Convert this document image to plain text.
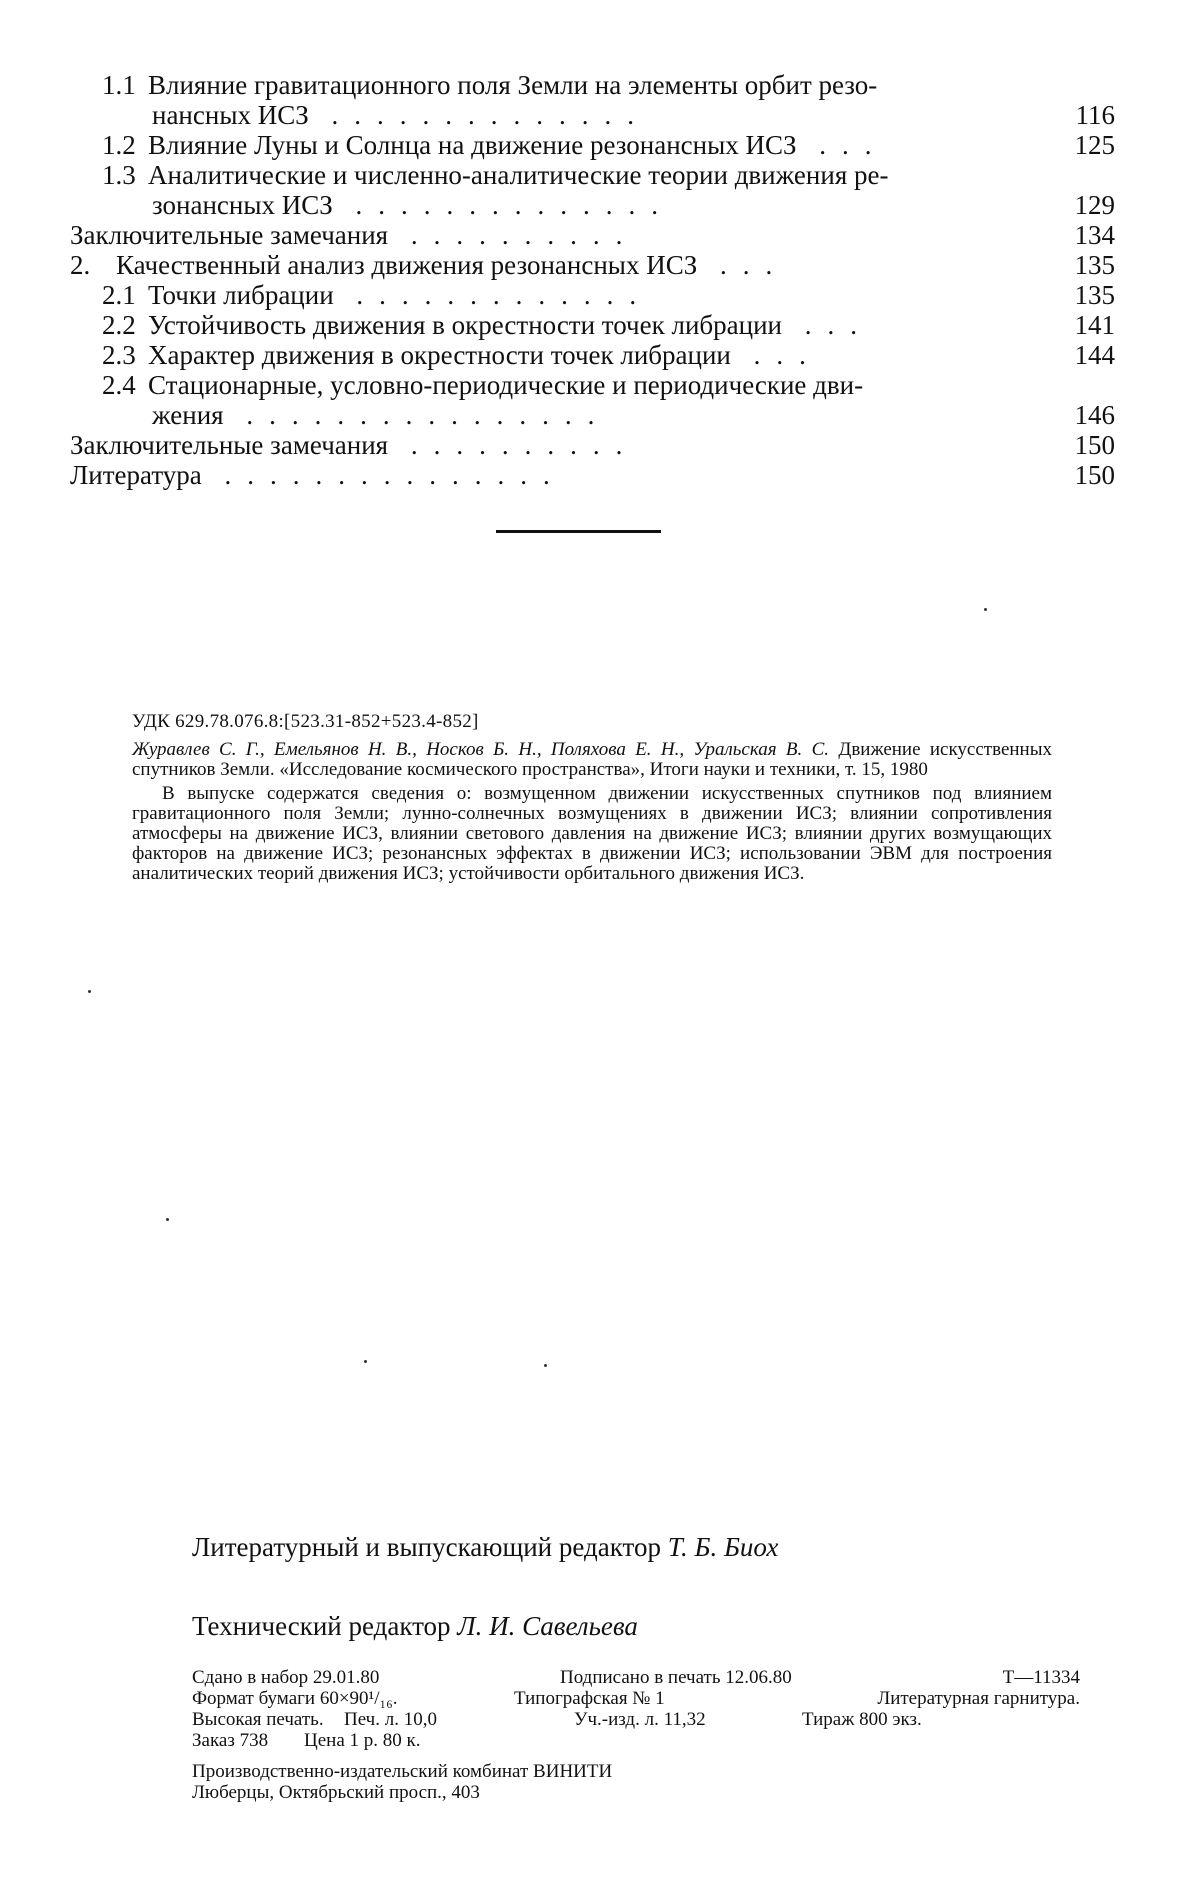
1.1 Влияние гравитационного поля Земли на элементы орбит резо-
нансных ИСЗ ..............	116
1.2 Влияние Луны и Солнца на движение резонансных ИСЗ ...	125
1.3 Аналитические и численно-аналитические теории движения ре-
зонансных ИСЗ ..............	129
Заключительные замечания ..........	134
2. Качественный анализ движения резонансных ИСЗ ...	135
2.1 Точки либрации .............	135
2.2 Устойчивость движения в окрестности точек либрации ...	141
2.3 Характер движения в окрестности точек либрации ...	144
2.4 Стационарные, условно-периодические и периодические дви-
жения ................	146
Заключительные замечания ..........	150
Литература ...............	150

УДК 629.78.076.8:[523.31-852+523.4-852]

Журавлев С. Г., Емельянов Н. В., Носков Б. Н., Поляхова Е. Н., Уральская В. С. Движение искусственных спутников Земли. «Исследование космического пространства», Итоги науки и техники, т. 15, 1980

В выпуске содержатся сведения о: возмущенном движении искусственных спутников под влиянием гравитационного поля Земли; лунно-солнечных возмущениях в движении ИСЗ; влиянии сопротивления атмосферы на движение ИСЗ, влиянии светового давления на движение ИСЗ; влиянии других возмущающих факторов на движение ИСЗ; резонансных эффектах в движении ИСЗ; использовании ЭВМ для построения аналитических теорий движения ИСЗ; устойчивости орбитального движения ИСЗ.

Литературный и выпускающий редактор Т. Б. Биох

Технический редактор Л. И. Савельева

Сдано в набор 29.01.80	Подписано в печать 12.06.80	Т—11334
Формат бумаги 60×90¹/₁₆.	Типографская № 1	Литературная гарнитура.
Высокая печать. Печ. л. 10,0	Уч.-изд. л. 11,32	Тираж 800 экз.
Заказ 738 Цена 1 р. 80 к.
Производственно-издательский комбинат ВИНИТИ
Люберцы, Октябрьский просп., 403
